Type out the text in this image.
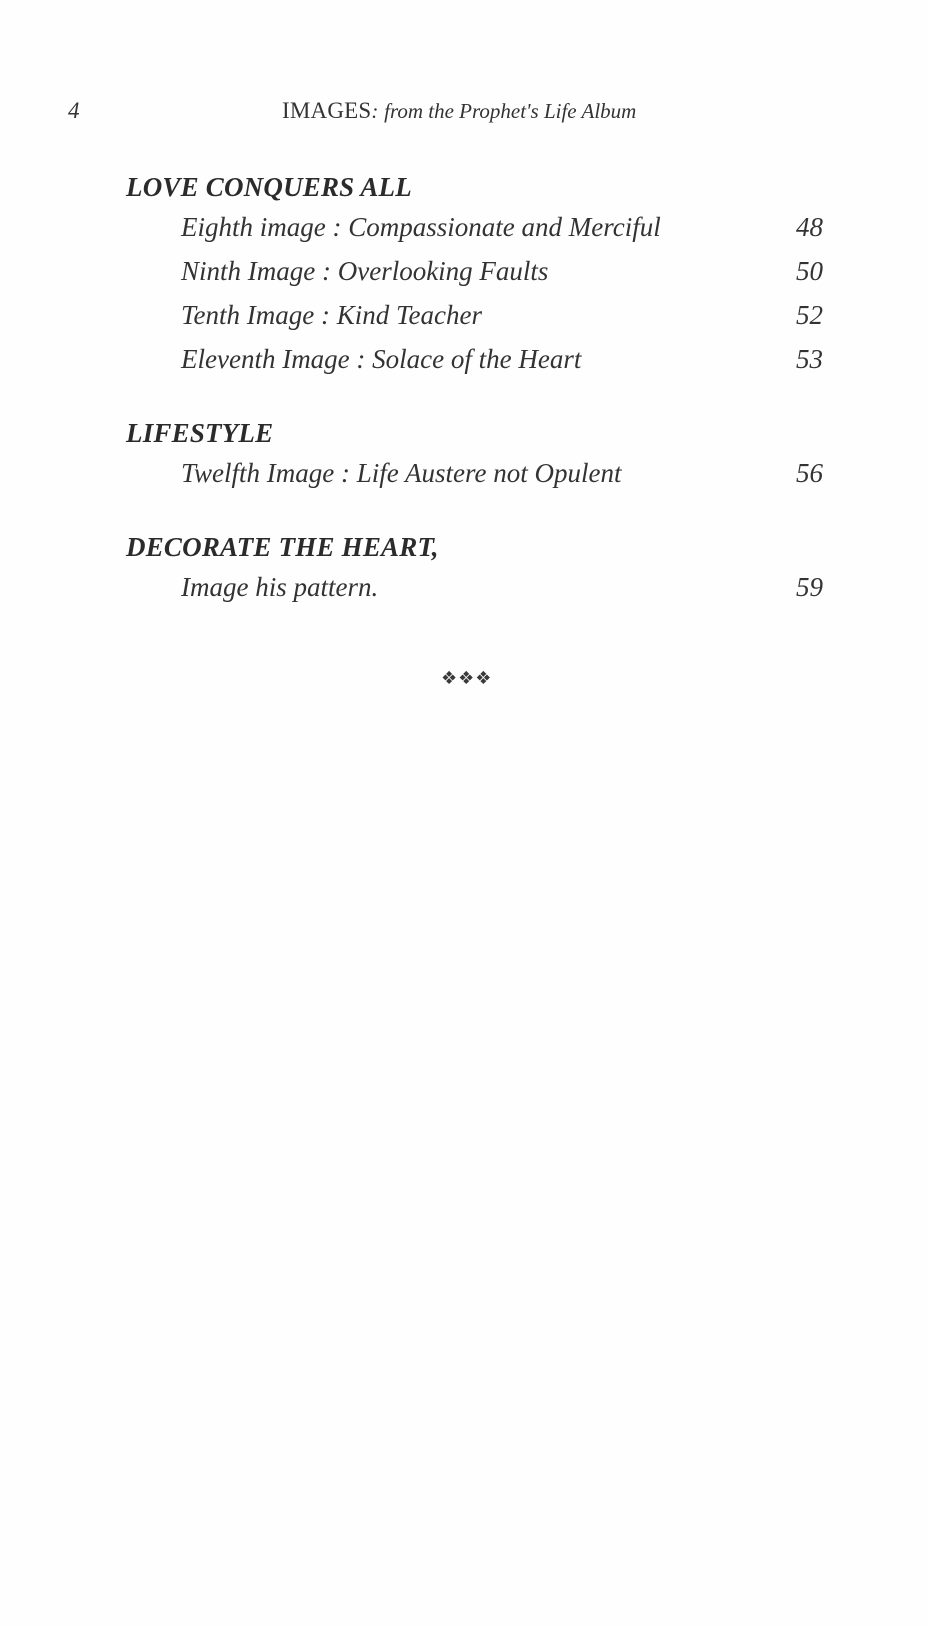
4	IMAGES: from the Prophet's Life Album
LOVE CONQUERS ALL
Eighth image : Compassionate and Merciful	48
Ninth Image : Overlooking Faults	50
Tenth Image : Kind Teacher	52
Eleventh Image : Solace of the Heart	53
LIFESTYLE
Twelfth Image : Life Austere not Opulent	56
DECORATE THE HEART,
Image his pattern.	59
❖❖❖
